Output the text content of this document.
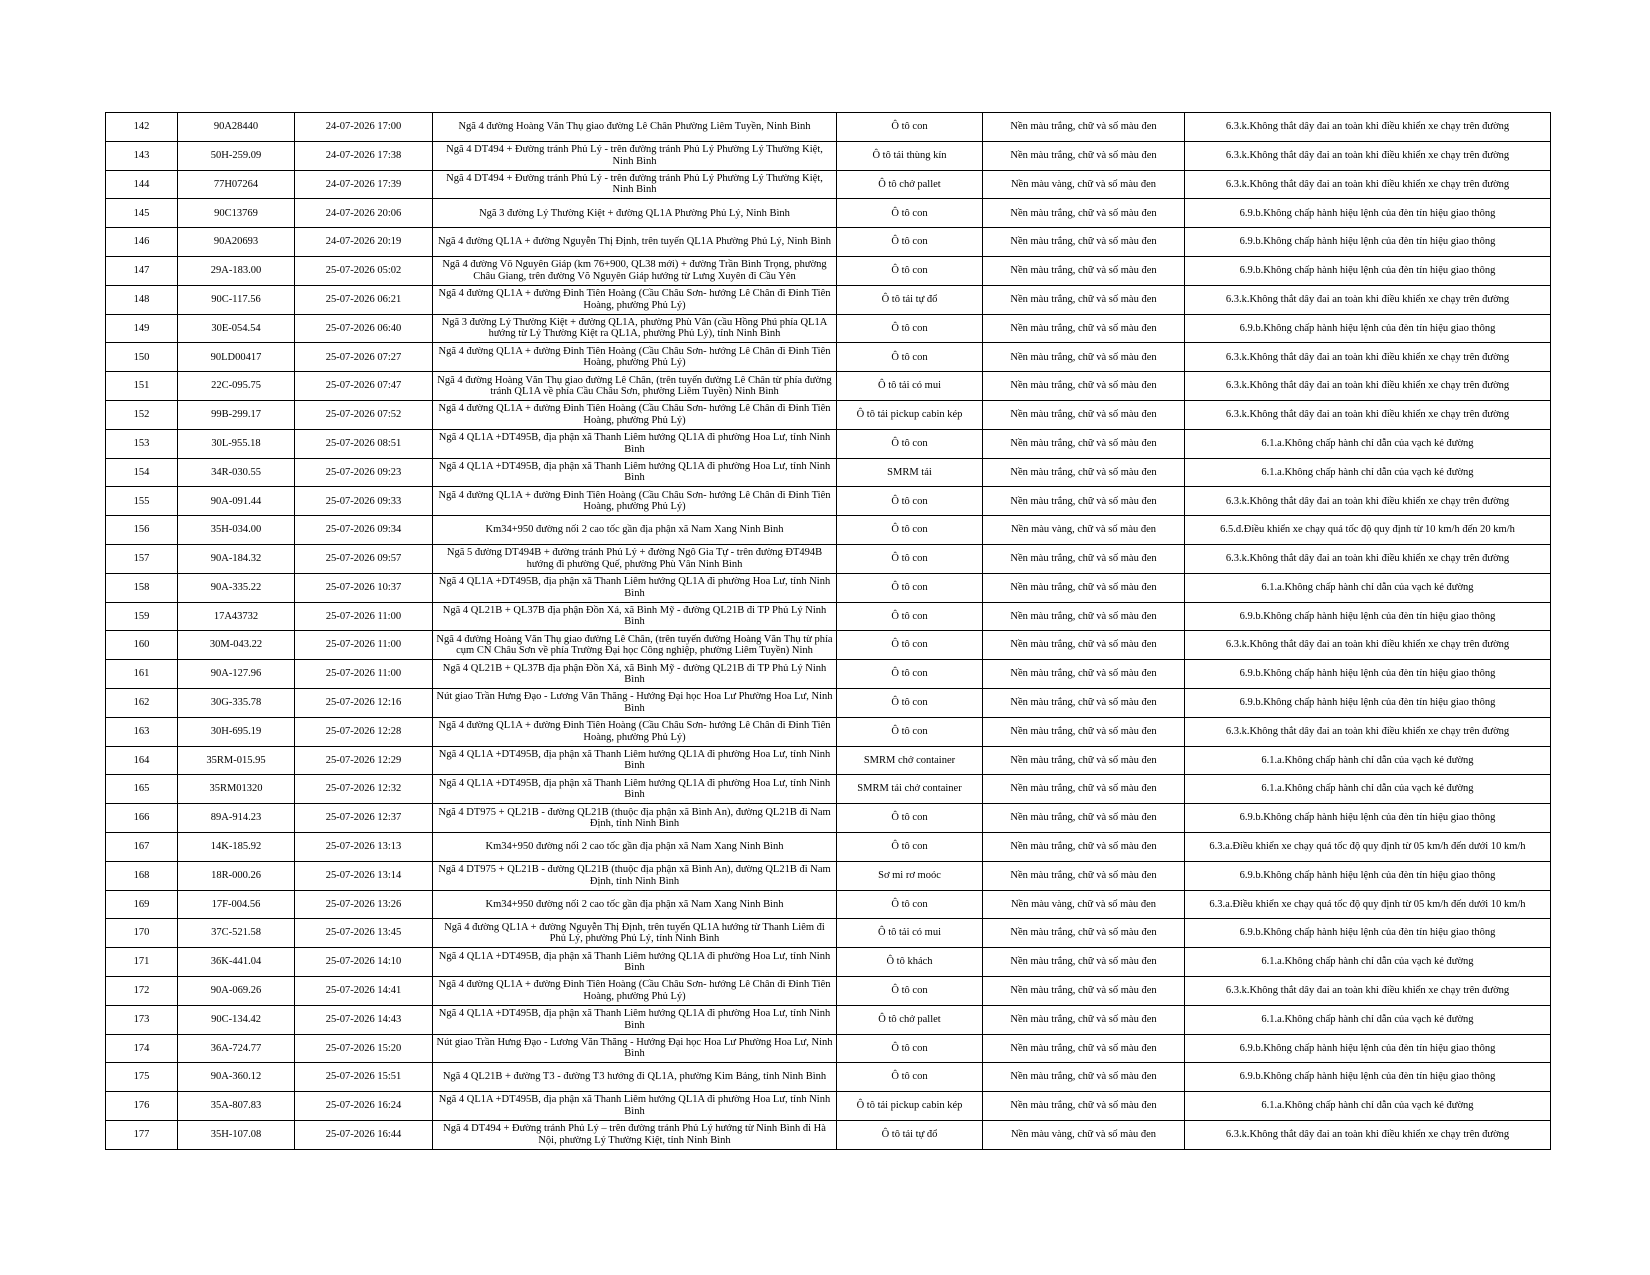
142	90A28440	24-07-2026 17:00	Ngã 4 đường Hoàng Văn Thụ giao đường Lê Chân Phường Liêm Tuyền, Ninh Bình	Ô tô con	Nền màu trắng, chữ và số màu đen	6.3.k.Không thắt dây đai an toàn khi điều khiển xe chạy trên đường
143	50H-259.09	24-07-2026 17:38	Ngã 4 DT494 + Đường tránh Phủ Lý - trên đường tránh Phủ Lý Phường Lý Thường Kiệt, Ninh Bình	Ô tô tải thùng kín	Nền màu trắng, chữ và số màu đen	6.3.k.Không thắt dây đai an toàn khi điều khiển xe chạy trên đường
144	77H07264	24-07-2026 17:39	Ngã 4 DT494 + Đường tránh Phủ Lý - trên đường tránh Phủ Lý Phường Lý Thường Kiệt, Ninh Bình	Ô tô chở pallet	Nền màu vàng, chữ và số màu đen	6.3.k.Không thắt dây đai an toàn khi điều khiển xe chạy trên đường
145	90C13769	24-07-2026 20:06	Ngã 3 đường Lý Thường Kiệt + đường QL1A Phường Phủ Lý, Ninh Bình	Ô tô con	Nền màu trắng, chữ và số màu đen	6.9.b.Không chấp hành hiệu lệnh của đèn tín hiệu giao thông
146	90A20693	24-07-2026 20:19	Ngã 4 đường QL1A + đường Nguyễn Thị Định, trên tuyến QL1A Phường Phủ Lý, Ninh Bình	Ô tô con	Nền màu trắng, chữ và số màu đen	6.9.b.Không chấp hành hiệu lệnh của đèn tín hiệu giao thông
147	29A-183.00	25-07-2026 05:02	Ngã 4 đường Võ Nguyên Giáp (km 76+900, QL38 mới) + đường Trần Bình Trọng, phường Châu Giang, trên đường Võ Nguyên Giáp hướng từ Lưng Xuyên đi Cầu Yên	Ô tô con	Nền màu trắng, chữ và số màu đen	6.9.b.Không chấp hành hiệu lệnh của đèn tín hiệu giao thông
148	90C-117.56	25-07-2026 06:21	Ngã 4 đường QL1A + đường Đinh Tiên Hoàng (Cầu Châu Sơn- hướng Lê Chân đi Đinh Tiên Hoàng, phường Phủ Lý)	Ô tô tải tự đổ	Nền màu trắng, chữ và số màu đen	6.3.k.Không thắt dây đai an toàn khi điều khiển xe chạy trên đường
149	30E-054.54	25-07-2026 06:40	Ngã 3 đường Lý Thường Kiệt + đường QL1A, phường Phù Vân (cầu Hồng Phú phía QL1A hướng từ Lý Thường Kiệt ra QL1A, phường Phủ Lý), tỉnh Ninh Bình	Ô tô con	Nền màu trắng, chữ và số màu đen	6.9.b.Không chấp hành hiệu lệnh của đèn tín hiệu giao thông
150	90LD00417	25-07-2026 07:27	Ngã 4 đường QL1A + đường Đinh Tiên Hoàng (Cầu Châu Sơn- hướng Lê Chân đi Đinh Tiên Hoàng, phường Phủ Lý)	Ô tô con	Nền màu trắng, chữ và số màu đen	6.3.k.Không thắt dây đai an toàn khi điều khiển xe chạy trên đường
151	22C-095.75	25-07-2026 07:47	Ngã 4 đường Hoàng Văn Thụ giao đường Lê Chân, (trên tuyến đường Lê Chân từ phía đường tránh QL1A về phía Cầu Châu Sơn, phường Liêm Tuyền) Ninh Bình	Ô tô tải có mui	Nền màu trắng, chữ và số màu đen	6.3.k.Không thắt dây đai an toàn khi điều khiển xe chạy trên đường
152	99B-299.17	25-07-2026 07:52	Ngã 4 đường QL1A + đường Đinh Tiên Hoàng (Cầu Châu Sơn- hướng Lê Chân đi Đinh Tiên Hoàng, phường Phủ Lý)	Ô tô tải pickup cabin kép	Nền màu trắng, chữ và số màu đen	6.3.k.Không thắt dây đai an toàn khi điều khiển xe chạy trên đường
153	30L-955.18	25-07-2026 08:51	Ngã 4 QL1A +DT495B, địa phận xã Thanh Liêm hướng QL1A đi phường Hoa Lư, tỉnh Ninh Bình	Ô tô con	Nền màu trắng, chữ và số màu đen	6.1.a.Không chấp hành chỉ dẫn của vạch kẻ đường
154	34R-030.55	25-07-2026 09:23	Ngã 4 QL1A +DT495B, địa phận xã Thanh Liêm hướng QL1A đi phường Hoa Lư, tỉnh Ninh Bình	SMRM tải	Nền màu trắng, chữ và số màu đen	6.1.a.Không chấp hành chỉ dẫn của vạch kẻ đường
155	90A-091.44	25-07-2026 09:33	Ngã 4 đường QL1A + đường Đinh Tiên Hoàng (Cầu Châu Sơn- hướng Lê Chân đi Đinh Tiên Hoàng, phường Phủ Lý)	Ô tô con	Nền màu trắng, chữ và số màu đen	6.3.k.Không thắt dây đai an toàn khi điều khiển xe chạy trên đường
156	35H-034.00	25-07-2026 09:34	Km34+950 đường nối 2 cao tốc gần địa phận xã Nam Xang Ninh Bình	Ô tô con	Nền màu vàng, chữ và số màu đen	6.5.đ.Điều khiển xe chạy quá tốc độ quy định từ 10 km/h đến 20 km/h
157	90A-184.32	25-07-2026 09:57	Ngã 5 đường DT494B + đường tránh Phủ Lý + đường Ngô Gia Tự - trên đường ĐT494B hướng đi phường Quế, phường Phù Vân Ninh Bình	Ô tô con	Nền màu trắng, chữ và số màu đen	6.3.k.Không thắt dây đai an toàn khi điều khiển xe chạy trên đường
158	90A-335.22	25-07-2026 10:37	Ngã 4 QL1A +DT495B, địa phận xã Thanh Liêm hướng QL1A đi phường Hoa Lư, tỉnh Ninh Bình	Ô tô con	Nền màu trắng, chữ và số màu đen	6.1.a.Không chấp hành chỉ dẫn của vạch kẻ đường
159	17A43732	25-07-2026 11:00	Ngã 4 QL21B + QL37B địa phận Đồn Xá, xã Bình Mỹ - đường QL21B đi TP Phủ Lý Ninh Bình	Ô tô con	Nền màu trắng, chữ và số màu đen	6.9.b.Không chấp hành hiệu lệnh của đèn tín hiệu giao thông
160	30M-043.22	25-07-2026 11:00	Ngã 4 đường Hoàng Văn Thụ giao đường Lê Chân, (trên tuyến đường Hoàng Văn Thụ từ phía cụm CN Châu Sơn về phía Trường Đại học Công nghiệp, phường Liêm Tuyền) Ninh	Ô tô con	Nền màu trắng, chữ và số màu đen	6.3.k.Không thắt dây đai an toàn khi điều khiển xe chạy trên đường
161	90A-127.96	25-07-2026 11:00	Ngã 4 QL21B + QL37B địa phận Đồn Xá, xã Bình Mỹ - đường QL21B đi TP Phủ Lý Ninh Bình	Ô tô con	Nền màu trắng, chữ và số màu đen	6.9.b.Không chấp hành hiệu lệnh của đèn tín hiệu giao thông
162	30G-335.78	25-07-2026 12:16	Nút giao Trần Hưng Đạo - Lương Văn Thăng - Hướng Đại học Hoa Lư Phường Hoa Lư, Ninh Bình	Ô tô con	Nền màu trắng, chữ và số màu đen	6.9.b.Không chấp hành hiệu lệnh của đèn tín hiệu giao thông
163	30H-695.19	25-07-2026 12:28	Ngã 4 đường QL1A + đường Đinh Tiên Hoàng (Cầu Châu Sơn- hướng Lê Chân đi Đinh Tiên Hoàng, phường Phủ Lý)	Ô tô con	Nền màu trắng, chữ và số màu đen	6.3.k.Không thắt dây đai an toàn khi điều khiển xe chạy trên đường
164	35RM-015.95	25-07-2026 12:29	Ngã 4 QL1A +DT495B, địa phận xã Thanh Liêm hướng QL1A đi phường Hoa Lư, tỉnh Ninh Bình	SMRM chở container	Nền màu trắng, chữ và số màu đen	6.1.a.Không chấp hành chỉ dẫn của vạch kẻ đường
165	35RM01320	25-07-2026 12:32	Ngã 4 QL1A +DT495B, địa phận xã Thanh Liêm hướng QL1A đi phường Hoa Lư, tỉnh Ninh Bình	SMRM tải chở container	Nền màu trắng, chữ và số màu đen	6.1.a.Không chấp hành chỉ dẫn của vạch kẻ đường
166	89A-914.23	25-07-2026 12:37	Ngã 4 DT975 + QL21B - đường QL21B (thuộc địa phận xã Bình An), đường QL21B đi Nam Định, tỉnh Ninh Bình	Ô tô con	Nền màu trắng, chữ và số màu đen	6.9.b.Không chấp hành hiệu lệnh của đèn tín hiệu giao thông
167	14K-185.92	25-07-2026 13:13	Km34+950 đường nối 2 cao tốc gần địa phận xã Nam Xang Ninh Bình	Ô tô con	Nền màu trắng, chữ và số màu đen	6.3.a.Điều khiển xe chạy quá tốc độ quy định từ 05 km/h đến dưới 10 km/h
168	18R-000.26	25-07-2026 13:14	Ngã 4 DT975 + QL21B - đường QL21B (thuộc địa phận xã Bình An), đường QL21B đi Nam Định, tỉnh Ninh Bình	Sơ mi rơ moóc	Nền màu trắng, chữ và số màu đen	6.9.b.Không chấp hành hiệu lệnh của đèn tín hiệu giao thông
169	17F-004.56	25-07-2026 13:26	Km34+950 đường nối 2 cao tốc gần địa phận xã Nam Xang Ninh Bình	Ô tô con	Nền màu vàng, chữ và số màu đen	6.3.a.Điều khiển xe chạy quá tốc độ quy định từ 05 km/h đến dưới 10 km/h
170	37C-521.58	25-07-2026 13:45	Ngã 4 đường QL1A + đường Nguyễn Thị Định, trên tuyến QL1A hướng từ Thanh Liêm đi Phủ Lý, phường Phủ Lý, tỉnh Ninh Bình	Ô tô tải có mui	Nền màu trắng, chữ và số màu đen	6.9.b.Không chấp hành hiệu lệnh của đèn tín hiệu giao thông
171	36K-441.04	25-07-2026 14:10	Ngã 4 QL1A +DT495B, địa phận xã Thanh Liêm hướng QL1A đi phường Hoa Lư, tỉnh Ninh Bình	Ô tô khách	Nền màu trắng, chữ và số màu đen	6.1.a.Không chấp hành chỉ dẫn của vạch kẻ đường
172	90A-069.26	25-07-2026 14:41	Ngã 4 đường QL1A + đường Đinh Tiên Hoàng (Cầu Châu Sơn- hướng Lê Chân đi Đinh Tiên Hoàng, phường Phủ Lý)	Ô tô con	Nền màu trắng, chữ và số màu đen	6.3.k.Không thắt dây đai an toàn khi điều khiển xe chạy trên đường
173	90C-134.42	25-07-2026 14:43	Ngã 4 QL1A +DT495B, địa phận xã Thanh Liêm hướng QL1A đi phường Hoa Lư, tỉnh Ninh Bình	Ô tô chở pallet	Nền màu trắng, chữ và số màu đen	6.1.a.Không chấp hành chỉ dẫn của vạch kẻ đường
174	36A-724.77	25-07-2026 15:20	Nút giao Trần Hưng Đạo - Lương Văn Thăng - Hướng Đại học Hoa Lư Phường Hoa Lư, Ninh Bình	Ô tô con	Nền màu trắng, chữ và số màu đen	6.9.b.Không chấp hành hiệu lệnh của đèn tín hiệu giao thông
175	90A-360.12	25-07-2026 15:51	Ngã 4 QL21B + đường T3 - đường T3 hướng đi QL1A, phường Kim Bảng, tỉnh Ninh Bình	Ô tô con	Nền màu trắng, chữ và số màu đen	6.9.b.Không chấp hành hiệu lệnh của đèn tín hiệu giao thông
176	35A-807.83	25-07-2026 16:24	Ngã 4 QL1A +DT495B, địa phận xã Thanh Liêm hướng QL1A đi phường Hoa Lư, tỉnh Ninh Bình	Ô tô tải pickup cabin kép	Nền màu trắng, chữ và số màu đen	6.1.a.Không chấp hành chỉ dẫn của vạch kẻ đường
177	35H-107.08	25-07-2026 16:44	Ngã 4 DT494 + Đường tránh Phủ Lý – trên đường tránh Phủ Lý hướng từ Ninh Bình đi Hà Nội, phường Lý Thường Kiệt, tỉnh Ninh Bình	Ô tô tải tự đổ	Nền màu vàng, chữ và số màu đen	6.3.k.Không thắt dây đai an toàn khi điều khiển xe chạy trên đường
